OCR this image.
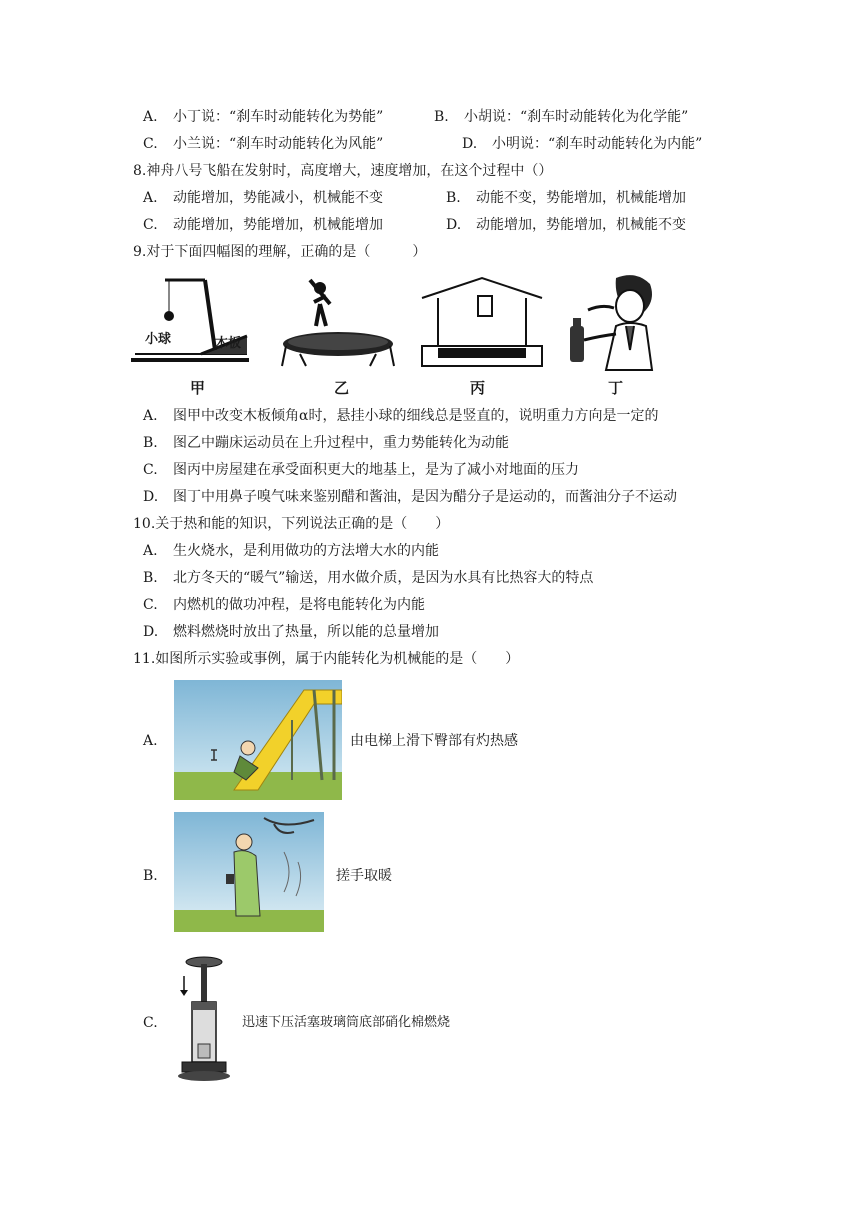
A. 小丁说：“刹车时动能转化为势能”	B. 小胡说：“刹车时动能转化为化学能”
C. 小兰说：“刹车时动能转化为风能”	D. 小明说：“刹车时动能转化为内能”
8.神舟八号飞船在发射时，高度增大，速度增加，在这个过程中（）
A. 动能增加，势能减小，机械能不变	B. 动能不变，势能增加，机械能增加
C. 动能增加，势能增加，机械能增加	D. 动能增加，势能增加，机械能不变
9.对于下面四幅图的理解，正确的是（　　　）
小球	木板
甲	乙	丙	丁
A. 图甲中改变木板倾角α时，悬挂小球的细线总是竖直的，说明重力方向是一定的
B. 图乙中蹦床运动员在上升过程中，重力势能转化为动能
C. 图丙中房屋建在承受面积更大的地基上，是为了减小对地面的压力
D. 图丁中用鼻子嗅气味来鉴别醋和酱油，是因为醋分子是运动的，而酱油分子不运动
10.关于热和能的知识，下列说法正确的是（　　）
A. 生火烧水，是利用做功的方法增大水的内能
B. 北方冬天的“暖气”输送，用水做介质，是因为水具有比热容大的特点
C. 内燃机的做功冲程，是将电能转化为内能
D. 燃料燃烧时放出了热量，所以能的总量增加
11.如图所示实验或事例，属于内能转化为机械能的是（　　）
A.	由电梯上滑下臀部有灼热感
B.	搓手取暖
C.	迅速下压活塞玻璃筒底部硝化棉燃烧
